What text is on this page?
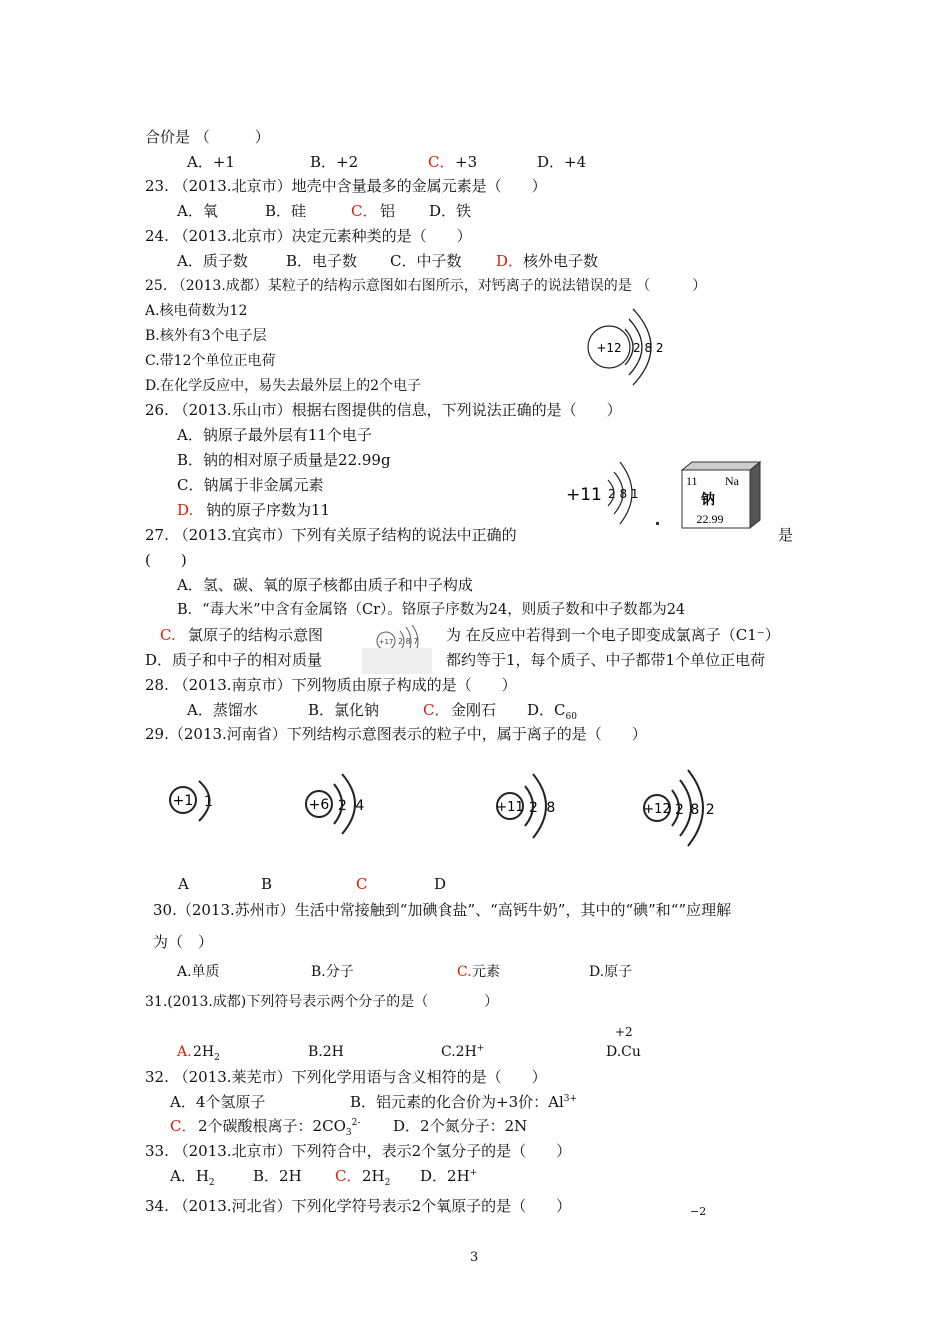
合价是 （　　　）
A．+1	B．+2	C． +3	D．+4
23. （2013.北京市）地壳中含量最多的金属元素是（　　）
A．氧	B．硅	C． 铝 D．铁
24. （2013.北京市）决定元素种类的是（　　）
A．质子数	B．电子数 C．中子数 D． 核外电子数
25. （2013.成都）某粒子的结构示意图如右图所示，对钙离子的说法错误的是 （　　　）
A.核电荷数为12
B.核外有3个电子层
C.带12个单位正电荷
D.在化学反应中，易失去最外层上的2个电子
+12 2 8 2
26. （2013.乐山市）根据右图提供的信息，下列说法正确的是（　　）
A．钠原子最外层有11个电子
B．钠的相对原子质量是22.99g
C．钠属于非金属元素
D. 钠的原子序数为11
+11 2 8 1
11 Na
钠
22.99
27. （2013.宜宾市）下列有关原子结构的说法中正确的	是
(　　)
A．氢、碳、氧的原子核都由质子和中子构成
B．“毒大米”中含有金属铬（Cr）。铬原子序数为24，则质子数和中子数都为24
C. 氯原子的结构示意图	+17 2 8 7 为 在反应中若得到一个电子即变成氯离子（C1⁻）
D．质子和中子的相对质量	都约等于1，每个质子、中子都带1个单位正电荷
28. （2013.南京市）下列物质由原子构成的是（　　）
A．蒸馏水	B．氯化钠	C． 金刚石 D．$C_{60}$
29.（2013.河南省）下列结构示意图表示的粒子中，属于离子的是（　　）
+1 1	+6 2 4	+11 2 8	+12 2 8 2
A	B	C	D
30.（2013.苏州市）生活中常接触到“加碘食盐”、“高钙牛奶”，其中的“碘”和“”应理解
为（　）
A.单质	B.分子	C. 元素	D.原子
31.(2013.成都)下列符号表示两个分子的是（　　　　）
+2
A. $2H_2$	B.2H	C.2H+	D.Cu
32. （2013.莱芜市）下列化学用语与含义相符的是（　　）
A．4个氢原子	B．铝元素的化合价为+3价：$Al^{3+}$
C． 2个碳酸根离子：$2CO_3^{2-}$ D．2个氮分子：2N
33. （2013.北京市）下列符合中，表示2个氢分子的是（　　）
A．$H_2$	B．2H C． $2H_2$ D．2H+
34. （2013.河北省）下列化学符号表示2个氧原子的是（　　）	−2
3
